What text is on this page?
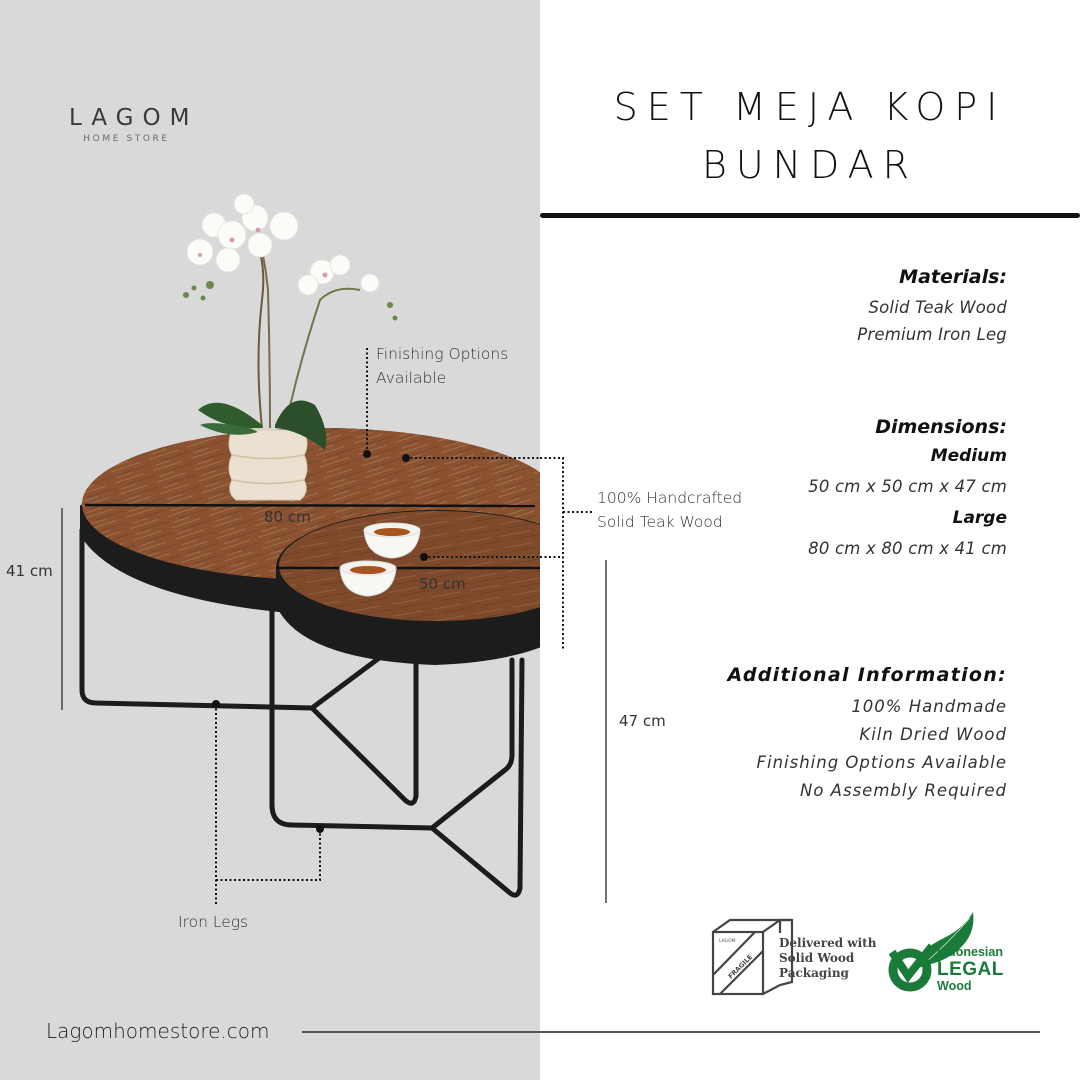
LAGOM
HOME STORE
80 cm
50 cm
41 cm
47 cm
Finishing Options
Available
100% Handcrafted
Solid Teak Wood
Iron Legs
SET MEJA KOPI
BUNDAR
Materials:
Solid Teak Wood
Premium Iron Leg
Dimensions:
Medium
50 cm x 50 cm x 47 cm
Large
80 cm x 80 cm x 41 cm
Additional Information:
100% Handmade
Kiln Dried Wood
Finishing Options Available
No Assembly Required
LAGOM
FRAGILE
Delivered with
Solid Wood
Packaging
Indonesian
LEGAL
Wood
Lagomhomestore.com
